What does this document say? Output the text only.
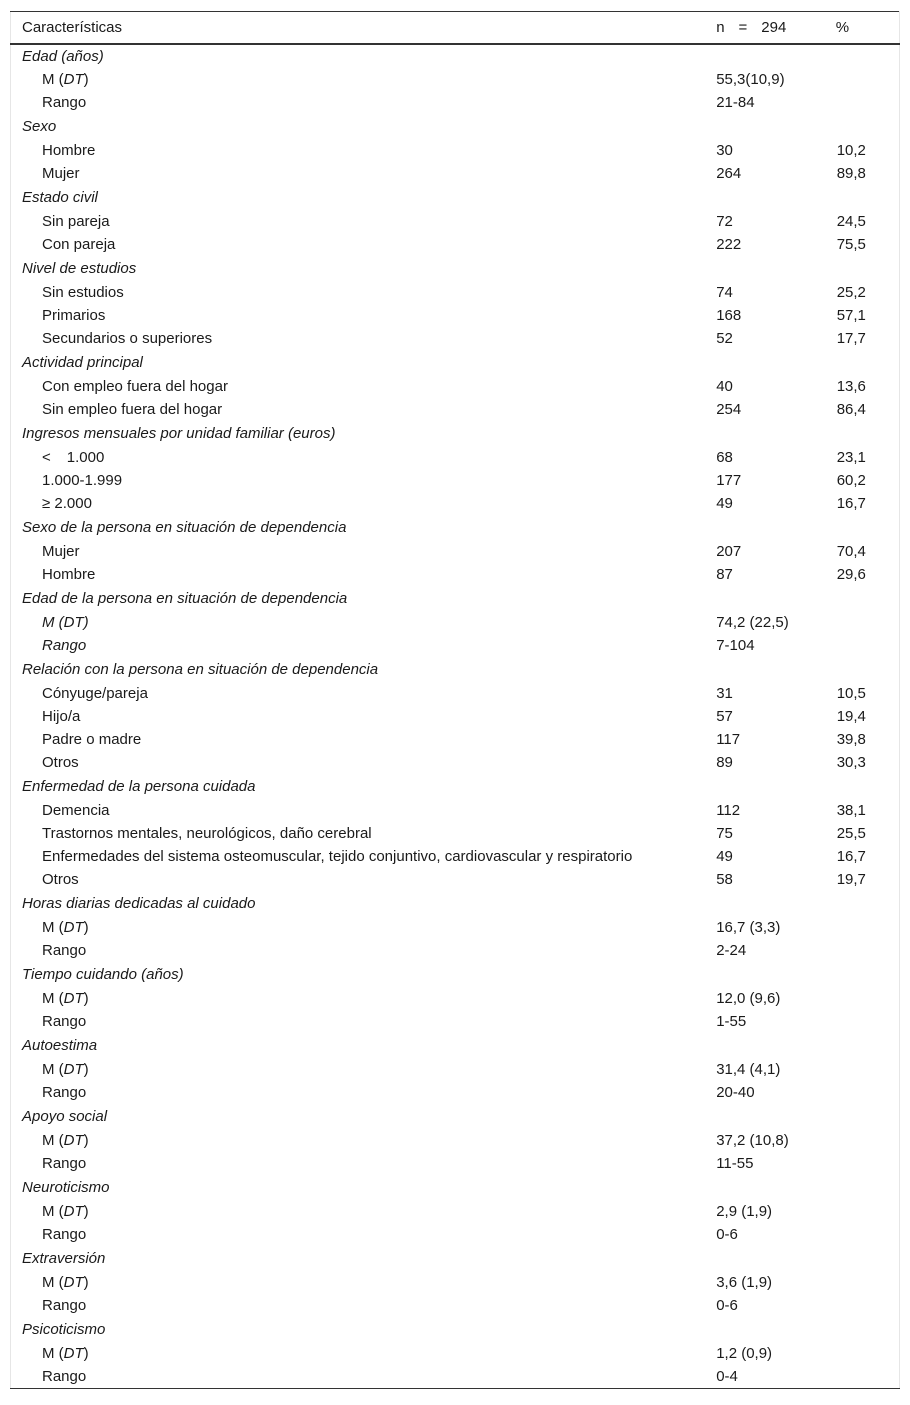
Características	n = 294	%
Edad (años)		
M (DT)	55,3(10,9)	
Rango	21-84	
Sexo		
Hombre	30	10,2
Mujer	264	89,8
Estado civil		
Sin pareja	72	24,5
Con pareja	222	75,5
Nivel de estudios		
Sin estudios	74	25,2
Primarios	168	57,1
Secundarios o superiores	52	17,7
Actividad principal		
Con empleo fuera del hogar	40	13,6
Sin empleo fuera del hogar	254	86,4
Ingresos mensuales por unidad familiar (euros)		
< 1.000	68	23,1
1.000-1.999	177	60,2
≥ 2.000	49	16,7
Sexo de la persona en situación de dependencia		
Mujer	207	70,4
Hombre	87	29,6
Edad de la persona en situación de dependencia		
M (DT)	74,2 (22,5)	
Rango	7-104	
Relación con la persona en situación de dependencia		
Cónyuge/pareja	31	10,5
Hijo/a	57	19,4
Padre o madre	117	39,8
Otros	89	30,3
Enfermedad de la persona cuidada		
Demencia	112	38,1
Trastornos mentales, neurológicos, daño cerebral	75	25,5
Enfermedades del sistema osteomuscular, tejido conjuntivo, cardiovascular y respiratorio	49	16,7
Otros	58	19,7
Horas diarias dedicadas al cuidado		
M (DT)	16,7 (3,3)	
Rango	2-24	
Tiempo cuidando (años)		
M (DT)	12,0 (9,6)	
Rango	1-55	
Autoestima		
M (DT)	31,4 (4,1)	
Rango	20-40	
Apoyo social		
M (DT)	37,2 (10,8)	
Rango	11-55	
Neuroticismo		
M (DT)	2,9 (1,9)	
Rango	0-6	
Extraversión		
M (DT)	3,6 (1,9)	
Rango	0-6	
Psicoticismo		
M (DT)	1,2 (0,9)	
Rango	0-4	
